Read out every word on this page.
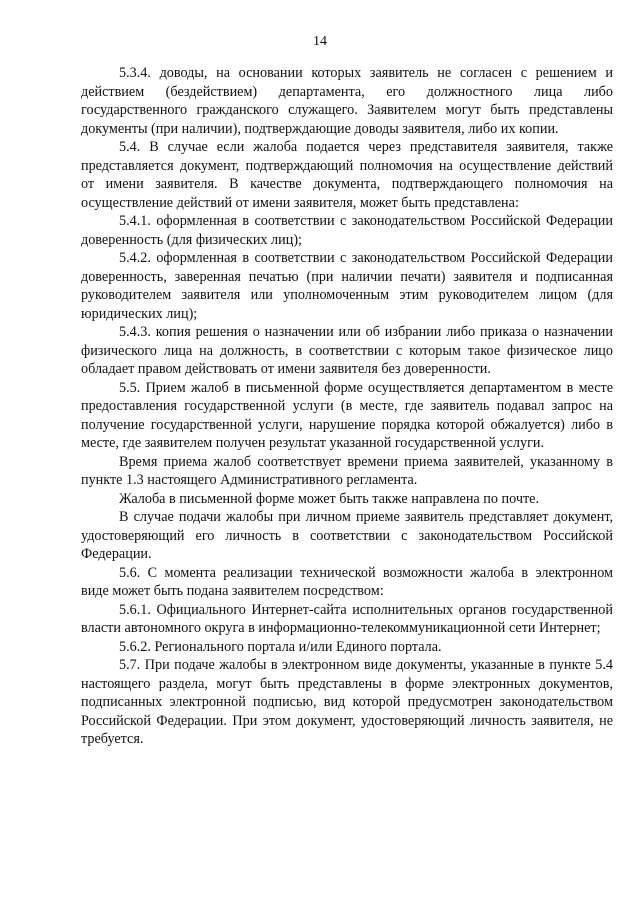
14

5.3.4. доводы, на основании которых заявитель не согласен с решением и действием (бездействием) департамента, его должностного лица либо государственного гражданского служащего. Заявителем могут быть представлены документы (при наличии), подтверждающие доводы заявителя, либо их копии.

5.4. В случае если жалоба подается через представителя заявителя, также представляется документ, подтверждающий полномочия на осуществление действий от имени заявителя. В качестве документа, подтверждающего полномочия на осуществление действий от имени заявителя, может быть представлена:

5.4.1. оформленная в соответствии с законодательством Российской Федерации доверенность (для физических лиц);

5.4.2. оформленная в соответствии с законодательством Российской Федерации доверенность, заверенная печатью (при наличии печати) заявителя и подписанная руководителем заявителя или уполномоченным этим руководителем лицом (для юридических лиц);

5.4.3. копия решения о назначении или об избрании либо приказа о назначении физического лица на должность, в соответствии с которым такое физическое лицо обладает правом действовать от имени заявителя без доверенности.

5.5. Прием жалоб в письменной форме осуществляется департаментом в месте предоставления государственной услуги (в месте, где заявитель подавал запрос на получение государственной услуги, нарушение порядка которой обжалуется) либо в месте, где заявителем получен результат указанной государственной услуги.

Время приема жалоб соответствует времени приема заявителей, указанному в пункте 1.3 настоящего Административного регламента.

Жалоба в письменной форме может быть также направлена по почте.

В случае подачи жалобы при личном приеме заявитель представляет документ, удостоверяющий его личность в соответствии с законодательством Российской Федерации.

5.6. С момента реализации технической возможности жалоба в электронном виде может быть подана заявителем посредством:

5.6.1. Официального Интернет-сайта исполнительных органов государственной власти автономного округа в информационно-телекоммуникационной сети Интернет;

5.6.2. Регионального портала и/или Единого портала.

5.7. При подаче жалобы в электронном виде документы, указанные в пункте 5.4 настоящего раздела, могут быть представлены в форме электронных документов, подписанных электронной подписью, вид которой предусмотрен законодательством Российской Федерации. При этом документ, удостоверяющий личность заявителя, не требуется.
